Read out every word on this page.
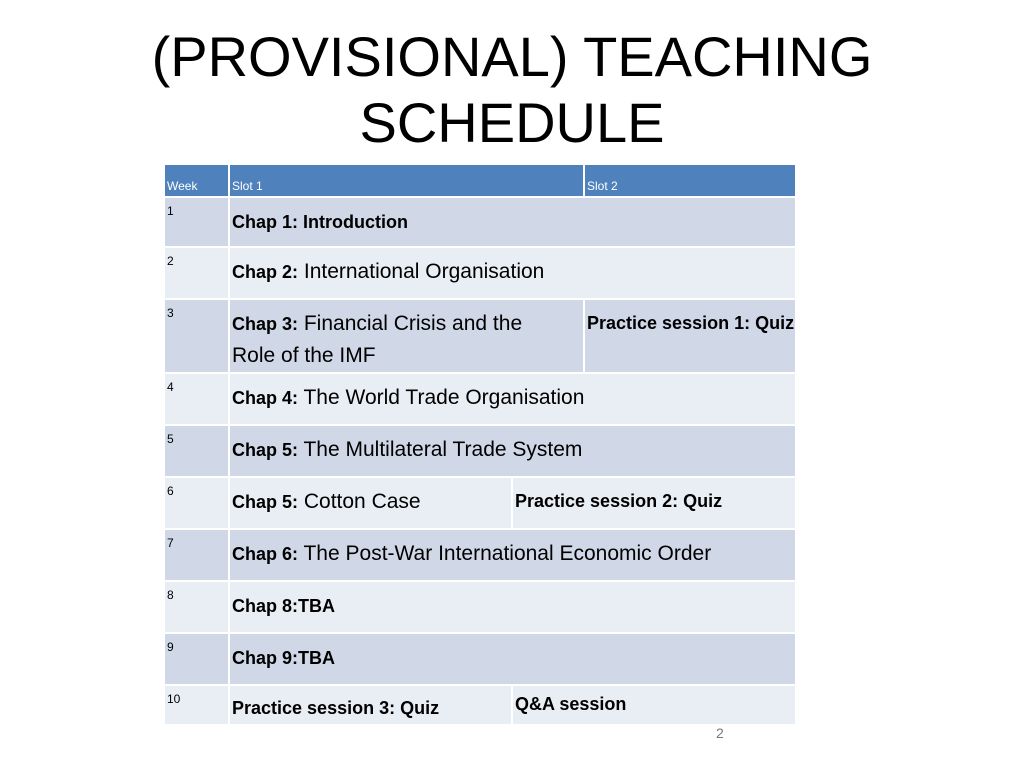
(PROVISIONAL) TEACHING
SCHEDULE
Week	Slot 1		Slot 2
1	Chap 1: Introduction		
2	Chap 2: International Organisation		
3	Chap 3: Financial Crisis and the Role of the IMF		Practice session 1: Quiz
4	Chap 4: The World Trade Organisation		
5	Chap 5: The Multilateral Trade System		
6	Chap 5: Cotton Case	Practice session 2: Quiz	
7	Chap 6: The Post-War International Economic Order		
8	Chap 8:TBA		
9	Chap 9:TBA		
10	Practice session 3: Quiz	Q&A session	
2
